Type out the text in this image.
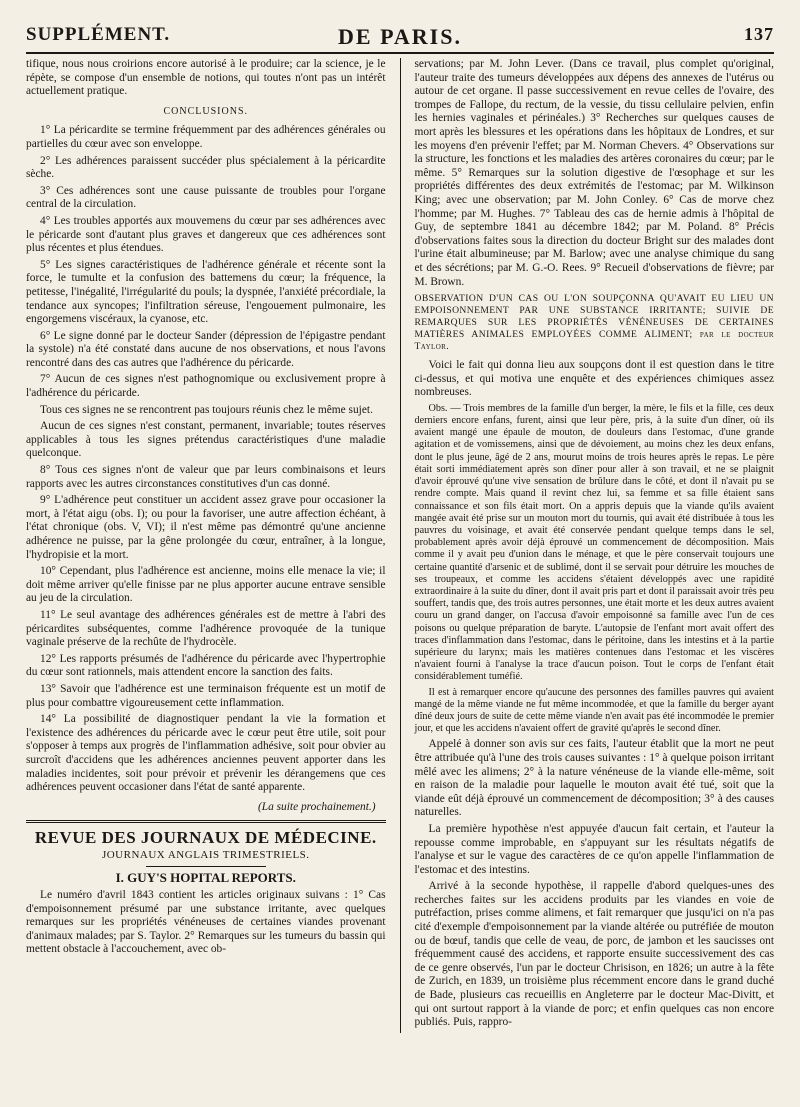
SUPPLÉMENT.	DE PARIS.	137

tifique, nous nous croirions encore autorisé à le produire; car la science, je le répète, se compose d'un ensemble de notions, qui toutes n'ont pas un intérêt actuellement pratique.

CONCLUSIONS.

1° La péricardite se termine fréquemment par des adhérences générales ou partielles du cœur avec son enveloppe.

2° Les adhérences paraissent succéder plus spécialement à la péricardite sèche.

3° Ces adhérences sont une cause puissante de troubles pour l'organe central de la circulation.

4° Les troubles apportés aux mouvemens du cœur par ses adhérences avec le péricarde sont d'autant plus graves et dangereux que ces adhérences sont plus récentes et plus étendues.

5° Les signes caractéristiques de l'adhérence générale et récente sont la force, le tumulte et la confusion des battemens du cœur; la fréquence, la petitesse, l'inégalité, l'irrégularité du pouls; la dyspnée, l'anxiété précordiale, la tendance aux syncopes; l'infiltration séreuse, l'engouement pulmonaire, les engorgemens viscéraux, la cyanose, etc.

6° Le signe donné par le docteur Sander (dépression de l'épigastre pendant la systole) n'a été constaté dans aucune de nos observations, et nous l'avons rencontré dans des cas autres que l'adhérence du péricarde.

7° Aucun de ces signes n'est pathognomique ou exclusivement propre à l'adhérence du péricarde.

Tous ces signes ne se rencontrent pas toujours réunis chez le même sujet.

Aucun de ces signes n'est constant, permanent, invariable; toutes réserves applicables à tous les signes prétendus caractéristiques d'une maladie quelconque.

8° Tous ces signes n'ont de valeur que par leurs combinaisons et leurs rapports avec les autres circonstances constitutives d'un cas donné.

9° L'adhérence peut constituer un accident assez grave pour occasioner la mort, à l'état aigu (obs. I); ou pour la favoriser, une autre affection échéant, à l'état chronique (obs. V, VI); il n'est même pas démontré qu'une ancienne adhérence ne puisse, par la gêne prolongée du cœur, entraîner, à la longue, l'hydropisie et la mort.

10° Cependant, plus l'adhérence est ancienne, moins elle menace la vie; il doit même arriver qu'elle finisse par ne plus apporter aucune entrave sensible au jeu de la circulation.

11° Le seul avantage des adhérences générales est de mettre à l'abri des péricardites subséquentes, comme l'adhérence provoquée de la tunique vaginale préserve de la rechûte de l'hydrocèle.

12° Les rapports présumés de l'adhérence du péricarde avec l'hypertrophie du cœur sont rationnels, mais attendent encore la sanction des faits.

13° Savoir que l'adhérence est une terminaison fréquente est un motif de plus pour combattre vigoureusement cette inflammation.

14° La possibilité de diagnostiquer pendant la vie la formation et l'existence des adhérences du péricarde avec le cœur peut être utile, soit pour s'opposer à temps aux progrès de l'inflammation adhésive, soit pour obvier au surcroît d'accidens que les adhérences anciennes peuvent apporter dans les maladies incidentes, soit pour prévoir et prévenir les dérangemens que ces adhérences peuvent occasioner dans l'état de santé apparente.

(La suite prochainement.)
REVUE DES JOURNAUX DE MÉDECINE.
JOURNAUX ANGLAIS TRIMESTRIELS.
I. GUY'S HOPITAL REPORTS.

Le numéro d'avril 1843 contient les articles originaux suivans : 1° Cas d'empoisonnement présumé par une substance irritante, avec quelques remarques sur les propriétés vénéneuses de certaines viandes provenant d'animaux malades; par S. Taylor. 2° Remarques sur les tumeurs du bassin qui mettent obstacle à l'accouchement, avec ob-

servations; par M. John Lever. (Dans ce travail, plus complet qu'original, l'auteur traite des tumeurs développées aux dépens des annexes de l'utérus ou autour de cet organe. Il passe successivement en revue celles de l'ovaire, des trompes de Fallope, du rectum, de la vessie, du tissu cellulaire pelvien, enfin les hernies vaginales et périnéales.) 3° Recherches sur quelques causes de mort après les blessures et les opérations dans les hôpitaux de Londres, et sur les moyens d'en prévenir l'effet; par M. Norman Chevers. 4° Observations sur la structure, les fonctions et les maladies des artères coronaires du cœur; par le même. 5° Remarques sur la solution digestive de l'œsophage et sur les propriétés différentes des deux extrémités de l'estomac; par M. Wilkinson King; avec une observation; par M. John Conley. 6° Cas de morve chez l'homme; par M. Hughes. 7° Tableau des cas de hernie admis à l'hôpital de Guy, de septembre 1841 au décembre 1842; par M. Poland. 8° Précis d'observations faites sous la direction du docteur Bright sur des malades dont l'urine était albumineuse; par M. Barlow; avec une analyse chimique du sang et des sécrétions; par M. G.-O. Rees. 9° Recueil d'observations de fièvre; par M. Brown.

OBSERVATION D'UN CAS OU L'ON SOUPÇONNA QU'AVAIT EU LIEU UN EMPOISONNEMENT PAR UNE SUBSTANCE IRRITANTE; SUIVIE DE REMARQUES SUR LES PROPRIÉTÉS VÉNÉNEUSES DE CERTAINES MATIÈRES ANIMALES EMPLOYÉES COMME ALIMENT; par le docteur Taylor.

Voici le fait qui donna lieu aux soupçons dont il est question dans le titre ci-dessus, et qui motiva une enquête et des expériences chimiques assez nombreuses.

Obs. — Trois membres de la famille d'un berger, la mère, le fils et la fille, ces deux derniers encore enfans, furent, ainsi que leur père, pris, à la suite d'un dîner, où ils avaient mangé une épaule de mouton, de douleurs dans l'estomac, d'une grande agitation et de vomissemens, ainsi que de dévoiement, au moins chez les deux enfans, dont le plus jeune, âgé de 2 ans, mourut moins de trois heures après le repas. Le père était sorti immédiatement après son dîner pour aller à son travail, et ne se plaignit d'avoir éprouvé qu'une vive sensation de brûlure dans le côté, et dont il n'avait pu se rendre compte. Mais quand il revint chez lui, sa femme et sa fille étaient sans connaissance et son fils était mort. On a appris depuis que la viande qu'ils avaient mangée avait été prise sur un mouton mort du tournis, qui avait été distribuée à tous les pauvres du voisinage, et avait été conservée pendant quelque temps dans le sel, probablement après avoir déjà éprouvé un commencement de décomposition. Mais comme il y avait peu d'union dans le ménage, et que le père conservait toujours une certaine quantité d'arsenic et de sublimé, dont il se servait pour détruire les mouches de ses troupeaux, et comme les accidens s'étaient développés avec une rapidité extraordinaire à la suite du dîner, dont il avait pris part et dont il paraissait avoir très peu souffert, tandis que, des trois autres personnes, une était morte et les deux autres avaient couru un grand danger, on l'accusa d'avoir empoisonné sa famille avec l'un de ces poisons ou quelque préparation de baryte. L'autopsie de l'enfant mort avait offert des traces d'inflammation dans l'estomac, dans le péritoine, dans les intestins et à la partie supérieure du larynx; mais les matières contenues dans l'estomac et les viscères n'avaient fourni à l'analyse la trace d'aucun poison. Tout le corps de l'enfant était considérablement tuméfié.

Il est à remarquer encore qu'aucune des personnes des familles pauvres qui avaient mangé de la même viande ne fut même incommodée, et que la famille du berger ayant dîné deux jours de suite de cette même viande n'en avait pas été incommodée le premier jour, et que les accidens n'avaient offert de gravité qu'après le second dîner.

Appelé à donner son avis sur ces faits, l'auteur établit que la mort ne peut être attribuée qu'à l'une des trois causes suivantes : 1° à quelque poison irritant mêlé avec les alimens; 2° à la nature vénéneuse de la viande elle-même, soit en raison de la maladie pour laquelle le mouton avait été tué, soit que la viande eût déjà éprouvé un commencement de décomposition; 3° à des causes naturelles.

La première hypothèse n'est appuyée d'aucun fait certain, et l'auteur la repousse comme improbable, en s'appuyant sur les résultats négatifs de l'analyse et sur le vague des caractères de ce qu'on appelle l'inflammation de l'estomac et des intestins.

Arrivé à la seconde hypothèse, il rappelle d'abord quelques-unes des recherches faites sur les accidens produits par les viandes en voie de putréfaction, prises comme alimens, et fait remarquer que jusqu'ici on n'a pas cité d'exemple d'empoisonnement par la viande altérée ou putréfiée de mouton ou de bœuf, tandis que celle de veau, de porc, de jambon et les saucisses ont fréquemment causé des accidens, et rapporte ensuite successivement des cas de ce genre observés, l'un par le docteur Chrisison, en 1826; un autre à la fête de Zurich, en 1839, un troisième plus récemment encore dans le grand duché de Bade, plusieurs cas recueillis en Angleterre par le docteur Mac-Divitt, et qui ont surtout rapport à la viande de porc; et enfin quelques cas non encore publiés. Puis, rappro-
